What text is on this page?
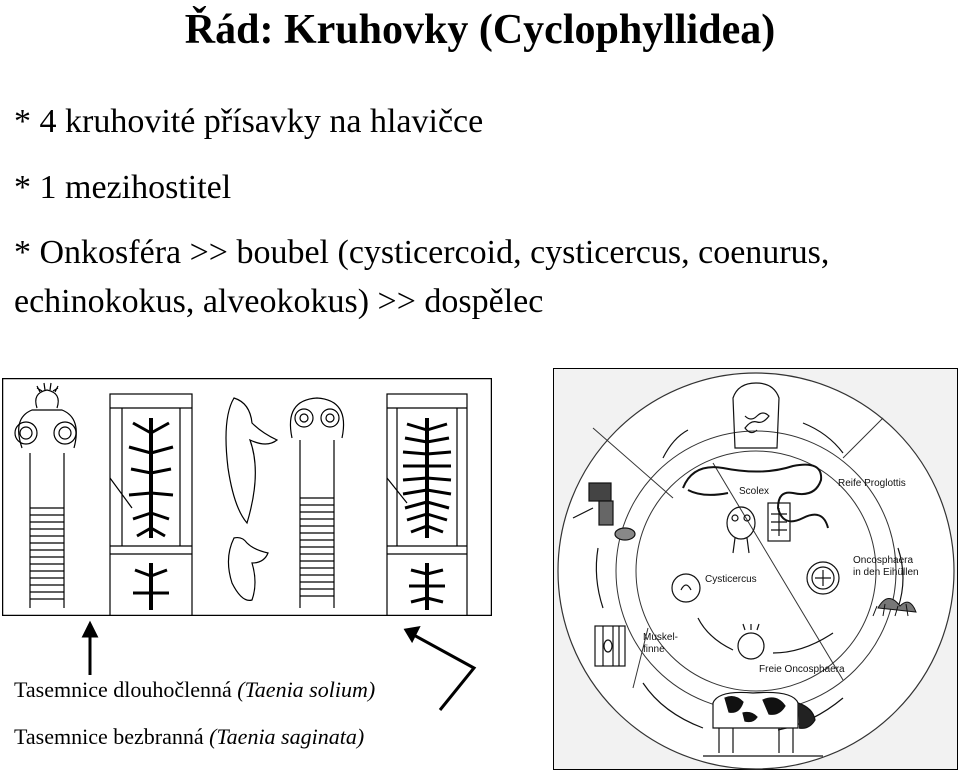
Řád: Kruhovky (Cyclophyllidea)
* 4 kruhovité přísavky na hlavičce
* 1 mezihostitel
* Onkosféra >> boubel (cysticercoid, cysticercus, coenurus,
echinokokus, alveokokus) >> dospělec
Tasemnice dlouhočlenná (Taenia solium)
Tasemnice bezbranná (Taenia saginata)
Reife Proglottis
Scolex
Oncosphaera
in den Eihüllen
Cysticercus
Muskel-
finne
Freie Oncosphaera
